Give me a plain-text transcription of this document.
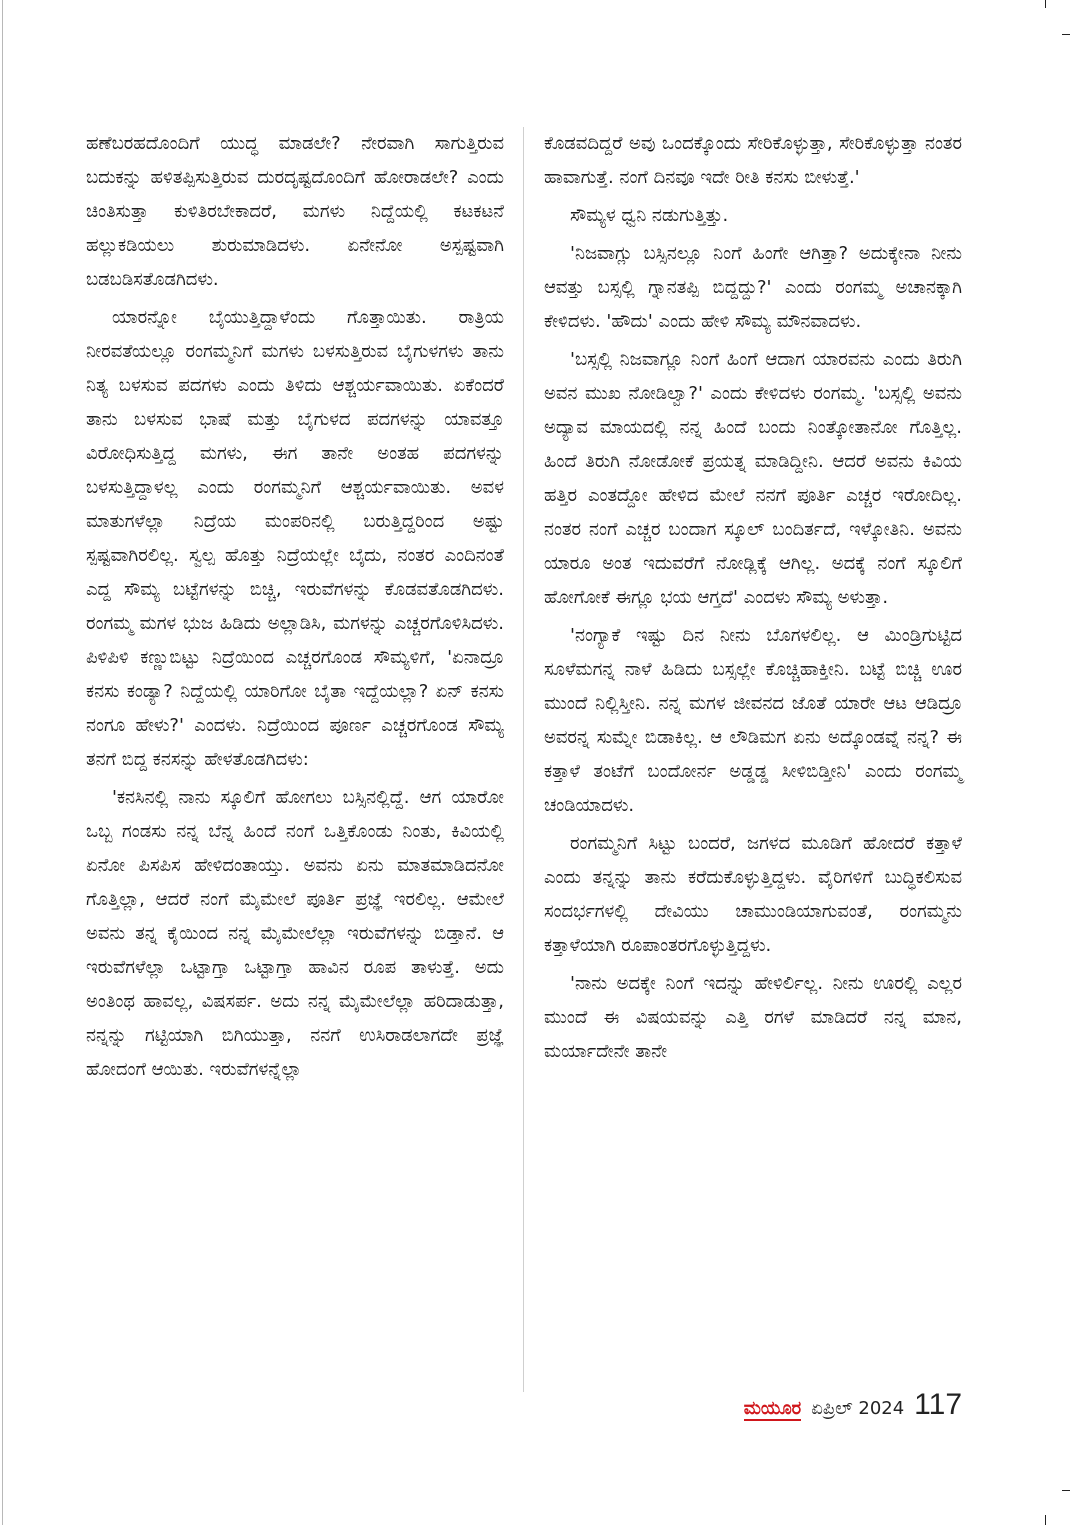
ಹಣೆಬರಹದೊಂದಿಗೆ ಯುದ್ಧ ಮಾಡಲೇ? ನೇರವಾಗಿ ಸಾಗುತ್ತಿರುವ ಬದುಕನ್ನು ಹಳಿತಪ್ಪಿಸುತ್ತಿರುವ ದುರದೃಷ್ಟದೊಂದಿಗೆ ಹೋರಾಡಲೇ? ಎಂದು ಚಿಂತಿಸುತ್ತಾ ಕುಳಿತಿರಬೇಕಾದರೆ, ಮಗಳು ನಿದ್ದೆಯಲ್ಲಿ ಕಟಕಟನೆ ಹಲ್ಲುಕಡಿಯಲು ಶುರುಮಾಡಿದಳು. ಏನೇನೋ ಅಸ್ಪಷ್ಟವಾಗಿ ಬಡಬಡಿಸತೊಡಗಿದಳು.

ಯಾರನ್ನೋ ಬೈಯುತ್ತಿದ್ದಾಳೆಂದು ಗೊತ್ತಾಯಿತು. ರಾತ್ರಿಯ ನೀರವತೆಯಲ್ಲೂ ರಂಗಮ್ಮನಿಗೆ ಮಗಳು ಬಳಸುತ್ತಿರುವ ಬೈಗುಳಗಳು ತಾನು ನಿತ್ಯ ಬಳಸುವ ಪದಗಳು ಎಂದು ತಿಳಿದು ಆಶ್ಚರ್ಯವಾಯಿತು. ಏಕೆಂದರೆ ತಾನು ಬಳಸುವ ಭಾಷೆ ಮತ್ತು ಬೈಗುಳದ ಪದಗಳನ್ನು ಯಾವತ್ತೂ ವಿರೋಧಿಸುತ್ತಿದ್ದ ಮಗಳು, ಈಗ ತಾನೇ ಅಂತಹ ಪದಗಳನ್ನು ಬಳಸುತ್ತಿದ್ದಾಳಲ್ಲ ಎಂದು ರಂಗಮ್ಮನಿಗೆ ಆಶ್ಚರ್ಯವಾಯಿತು. ಅವಳ ಮಾತುಗಳೆಲ್ಲಾ ನಿದ್ರೆಯ ಮಂಪರಿನಲ್ಲಿ ಬರುತ್ತಿದ್ದರಿಂದ ಅಷ್ಟು ಸ್ಪಷ್ಟವಾಗಿರಲಿಲ್ಲ. ಸ್ವಲ್ಪ ಹೊತ್ತು ನಿದ್ರೆಯಲ್ಲೇ ಬೈದು, ನಂತರ ಎಂದಿನಂತೆ ಎದ್ದ ಸೌಮ್ಯ ಬಟ್ಟೆಗಳನ್ನು ಬಿಚ್ಚಿ, ಇರುವೆಗಳನ್ನು ಕೊಡವತೊಡಗಿದಳು. ರಂಗಮ್ಮ ಮಗಳ ಭುಜ ಹಿಡಿದು ಅಲ್ಲಾಡಿಸಿ, ಮಗಳನ್ನು ಎಚ್ಚರಗೊಳಿಸಿದಳು. ಪಿಳಿಪಿಳಿ ಕಣ್ಣುಬಿಟ್ಟು ನಿದ್ರೆಯಿಂದ ಎಚ್ಚರಗೊಂಡ ಸೌಮ್ಯಳಿಗೆ, 'ಏನಾದ್ರೂ ಕನಸು ಕಂಡ್ಯಾ? ನಿದ್ದೆಯಲ್ಲಿ ಯಾರಿಗೋ ಬೈತಾ ಇದ್ದೆಯಲ್ಲಾ? ಏನ್ ಕನಸು ನಂಗೂ ಹೇಳು?' ಎಂದಳು. ನಿದ್ರೆಯಿಂದ ಪೂರ್ಣ ಎಚ್ಚರಗೊಂಡ ಸೌಮ್ಯ ತನಗೆ ಬಿದ್ದ ಕನಸನ್ನು ಹೇಳತೊಡಗಿದಳು:

'ಕನಸಿನಲ್ಲಿ ನಾನು ಸ್ಕೂಲಿಗೆ ಹೋಗಲು ಬಸ್ಸಿನಲ್ಲಿದ್ದೆ. ಆಗ ಯಾರೋ ಒಬ್ಬ ಗಂಡಸು ನನ್ನ ಬೆನ್ನ ಹಿಂದೆ ನಂಗೆ ಒತ್ತಿಕೊಂಡು ನಿಂತು, ಕಿವಿಯಲ್ಲಿ ಏನೋ ಪಿಸಪಿಸ ಹೇಳಿದಂತಾಯ್ತು. ಅವನು ಏನು ಮಾತಮಾಡಿದನೋ ಗೊತ್ತಿಲ್ಲಾ, ಆದರೆ ನಂಗೆ ಮೈಮೇಲೆ ಪೂರ್ತಿ ಪ್ರಜ್ಞೆ ಇರಲಿಲ್ಲ. ಆಮೇಲೆ ಅವನು ತನ್ನ ಕೈಯಿಂದ ನನ್ನ ಮೈಮೇಲೆಲ್ಲಾ ಇರುವೆಗಳನ್ನು ಬಿಡ್ತಾನೆ. ಆ ಇರುವೆಗಳೆಲ್ಲಾ ಒಟ್ಟಾಗ್ತಾ ಒಟ್ಟಾಗ್ತಾ ಹಾವಿನ ರೂಪ ತಾಳುತ್ತೆ. ಅದು ಅಂತಿಂಥ ಹಾವಲ್ಲ, ವಿಷಸರ್ಪ. ಅದು ನನ್ನ ಮೈಮೇಲೆಲ್ಲಾ ಹರಿದಾಡುತ್ತಾ, ನನ್ನನ್ನು ಗಟ್ಟಿಯಾಗಿ ಬಿಗಿಯುತ್ತಾ, ನನಗೆ ಉಸಿರಾಡಲಾಗದೇ ಪ್ರಜ್ಞೆ ಹೋದಂಗೆ ಆಯಿತು. ಇರುವೆಗಳನ್ನೆಲ್ಲಾ

ಕೊಡವದಿದ್ದರೆ ಅವು ಒಂದಕ್ಕೊಂದು ಸೇರಿಕೊಳ್ಳುತ್ತಾ, ಸೇರಿಕೊಳ್ಳುತ್ತಾ ನಂತರ ಹಾವಾಗುತ್ತೆ. ನಂಗೆ ದಿನವೂ ಇದೇ ರೀತಿ ಕನಸು ಬೀಳುತ್ತೆ.'

ಸೌಮ್ಯಳ ಧ್ವನಿ ನಡುಗುತ್ತಿತ್ತು.

'ನಿಜವಾಗ್ಲು ಬಸ್ಸಿನಲ್ಲೂ ನಿಂಗೆ ಹಿಂಗೇ ಆಗಿತ್ತಾ? ಅದುಕ್ಕೇನಾ ನೀನು ಆವತ್ತು ಬಸ್ಸಲ್ಲಿ ಗ್ನಾನತಪ್ಪಿ ಬಿದ್ದದ್ದು?' ಎಂದು ರಂಗಮ್ಮ ಅಚಾನಕ್ಕಾಗಿ ಕೇಳಿದಳು. 'ಹೌದು' ಎಂದು ಹೇಳಿ ಸೌಮ್ಯ ಮೌನವಾದಳು.

'ಬಸ್ಸಲ್ಲಿ ನಿಜವಾಗ್ಲೂ ನಿಂಗೆ ಹಿಂಗೆ ಆದಾಗ ಯಾರವನು ಎಂದು ತಿರುಗಿ ಅವನ ಮುಖ ನೋಡಿಲ್ವಾ?' ಎಂದು ಕೇಳಿದಳು ರಂಗಮ್ಮ. 'ಬಸ್ಸಲ್ಲಿ ಅವನು ಅದ್ಯಾವ ಮಾಯದಲ್ಲಿ ನನ್ನ ಹಿಂದೆ ಬಂದು ನಿಂತ್ಕೋತಾನೋ ಗೊತ್ತಿಲ್ಲ. ಹಿಂದೆ ತಿರುಗಿ ನೋಡೋಕೆ ಪ್ರಯತ್ನ ಮಾಡಿದ್ದೀನಿ. ಆದರೆ ಅವನು ಕಿವಿಯ ಹತ್ತಿರ ಎಂತದ್ದೋ ಹೇಳಿದ ಮೇಲೆ ನನಗೆ ಪೂರ್ತಿ ಎಚ್ಚರ ಇರೋದಿಲ್ಲ. ನಂತರ ನಂಗೆ ಎಚ್ಚರ ಬಂದಾಗ ಸ್ಕೂಲ್ ಬಂದಿರ್ತದೆ, ಇಳ್ಕೋತಿನಿ. ಅವನು ಯಾರೂ ಅಂತ ಇದುವರೆಗೆ ನೋಡ್ಲಿಕ್ಕೆ ಆಗಿಲ್ಲ. ಅದಕ್ಕೆ ನಂಗೆ ಸ್ಕೂಲಿಗೆ ಹೋಗೋಕೆ ಈಗ್ಲೂ ಭಯ ಆಗ್ತದೆ' ಎಂದಳು ಸೌಮ್ಯ ಅಳುತ್ತಾ.

'ನಂಗ್ಯಾಕೆ ಇಷ್ಟು ದಿನ ನೀನು ಬೊಗಳಲಿಲ್ಲ. ಆ ಮಿಂಡ್ರಿಗುಟ್ಟಿದ ಸೂಳೆಮಗನ್ನ ನಾಳೆ ಹಿಡಿದು ಬಸ್ಸಲ್ಲೇ ಕೊಚ್ಚಿಹಾಕ್ತೀನಿ. ಬಟ್ಟೆ ಬಿಚ್ಚಿ ಊರ ಮುಂದೆ ನಿಲ್ಲಿಸ್ತೀನಿ. ನನ್ನ ಮಗಳ ಜೀವನದ ಜೊತೆ ಯಾರೇ ಆಟ ಆಡಿದ್ರೂ ಅವರನ್ನ ಸುಮ್ನೇ ಬಿಡಾಕಿಲ್ಲ. ಆ ಲೌಡಿಮಗ ಏನು ಅದ್ಕೊಂಡವ್ನೆ ನನ್ನ? ಈ ಕತ್ತಾಳೆ ತಂಟೆಗೆ ಬಂದೋರ್ನ ಅಡ್ಡಡ್ಡ ಸೀಳಿಬಿಡ್ತೀನಿ' ಎಂದು ರಂಗಮ್ಮ ಚಂಡಿಯಾದಳು.

ರಂಗಮ್ಮನಿಗೆ ಸಿಟ್ಟು ಬಂದರೆ, ಜಗಳದ ಮೂಡಿಗೆ ಹೋದರೆ ಕತ್ತಾಳೆ ಎಂದು ತನ್ನನ್ನು ತಾನು ಕರೆದುಕೊಳ್ಳುತ್ತಿದ್ದಳು. ವೈರಿಗಳಿಗೆ ಬುದ್ಧಿಕಲಿಸುವ ಸಂದರ್ಭಗಳಲ್ಲಿ ದೇವಿಯು ಚಾಮುಂಡಿಯಾಗುವಂತೆ, ರಂಗಮ್ಮನು ಕತ್ತಾಳೆಯಾಗಿ ರೂಪಾಂತರಗೊಳ್ಳುತ್ತಿದ್ದಳು.

'ನಾನು ಅದಕ್ಕೇ ನಿಂಗೆ ಇದನ್ನು ಹೇಳಿರ್ಲಿಲ್ಲ. ನೀನು ಊರಲ್ಲಿ ಎಲ್ಲರ ಮುಂದೆ ಈ ವಿಷಯವನ್ನು ಎತ್ತಿ ರಗಳೆ ಮಾಡಿದರೆ ನನ್ನ ಮಾನ, ಮರ್ಯಾದೇನೇ ತಾನೇ

ಮಯೂರ ಏಪ್ರಿಲ್ 2024 117
